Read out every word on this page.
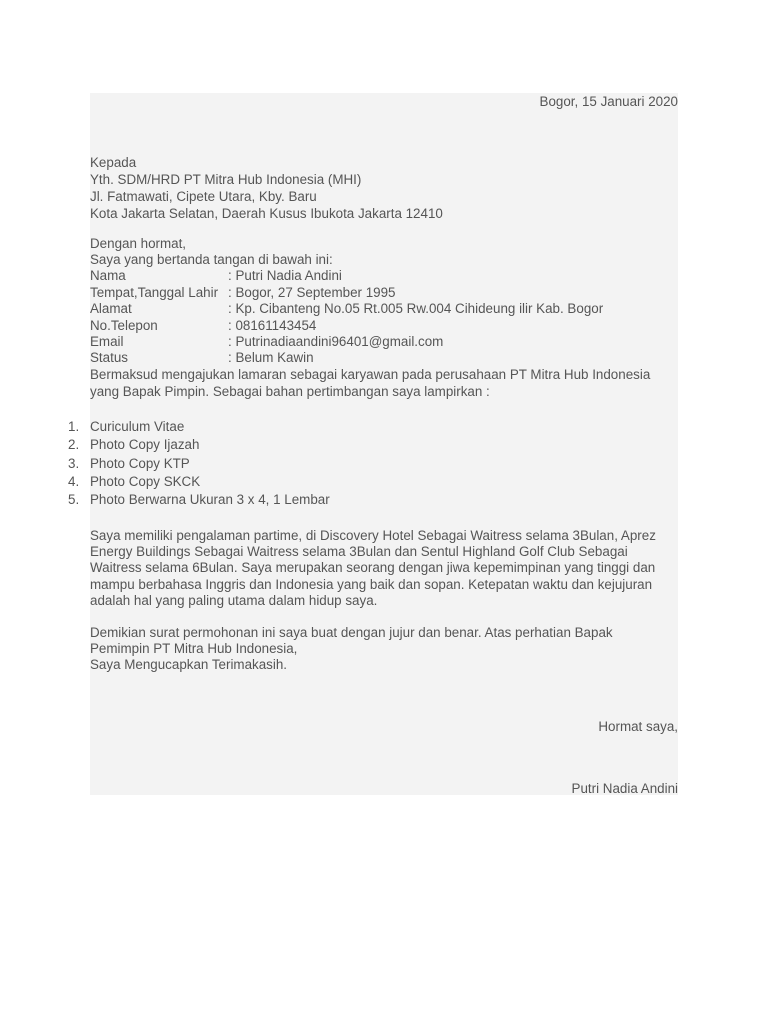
Bogor, 15 Januari 2020
Kepada
Yth. SDM/HRD PT Mitra Hub Indonesia (MHI)
Jl. Fatmawati, Cipete Utara, Kby. Baru
Kota Jakarta Selatan, Daerah Kusus Ibukota Jakarta 12410
Dengan hormat,
Saya yang bertanda tangan di bawah ini:
Nama	: Putri Nadia Andini
Tempat,Tanggal Lahir : Bogor, 27 September 1995
Alamat	: Kp. Cibanteng No.05 Rt.005 Rw.004 Cihideung ilir Kab. Bogor
No.Telepon	: 08161143454
Email	: Putrinadiaandini96401@gmail.com
Status	: Belum Kawin
Bermaksud mengajukan lamaran sebagai karyawan pada perusahaan PT Mitra Hub Indonesia
yang Bapak Pimpin. Sebagai bahan pertimbangan saya lampirkan :
1. Curiculum Vitae
2. Photo Copy Ijazah
3. Photo Copy KTP
4. Photo Copy SKCK
5. Photo Berwarna Ukuran 3 x 4, 1 Lembar
Saya memiliki pengalaman partime, di Discovery Hotel Sebagai Waitress selama 3Bulan, Aprez
Energy Buildings Sebagai Waitress selama 3Bulan dan Sentul Highland Golf Club Sebagai
Waitress selama 6Bulan. Saya merupakan seorang dengan jiwa kepemimpinan yang tinggi dan
mampu berbahasa Inggris dan Indonesia yang baik dan sopan. Ketepatan waktu dan kejujuran
adalah hal yang paling utama dalam hidup saya.
Demikian surat permohonan ini saya buat dengan jujur dan benar. Atas perhatian Bapak
Pemimpin PT Mitra Hub Indonesia,
Saya Mengucapkan Terimakasih.
Hormat saya,
Putri Nadia Andini
